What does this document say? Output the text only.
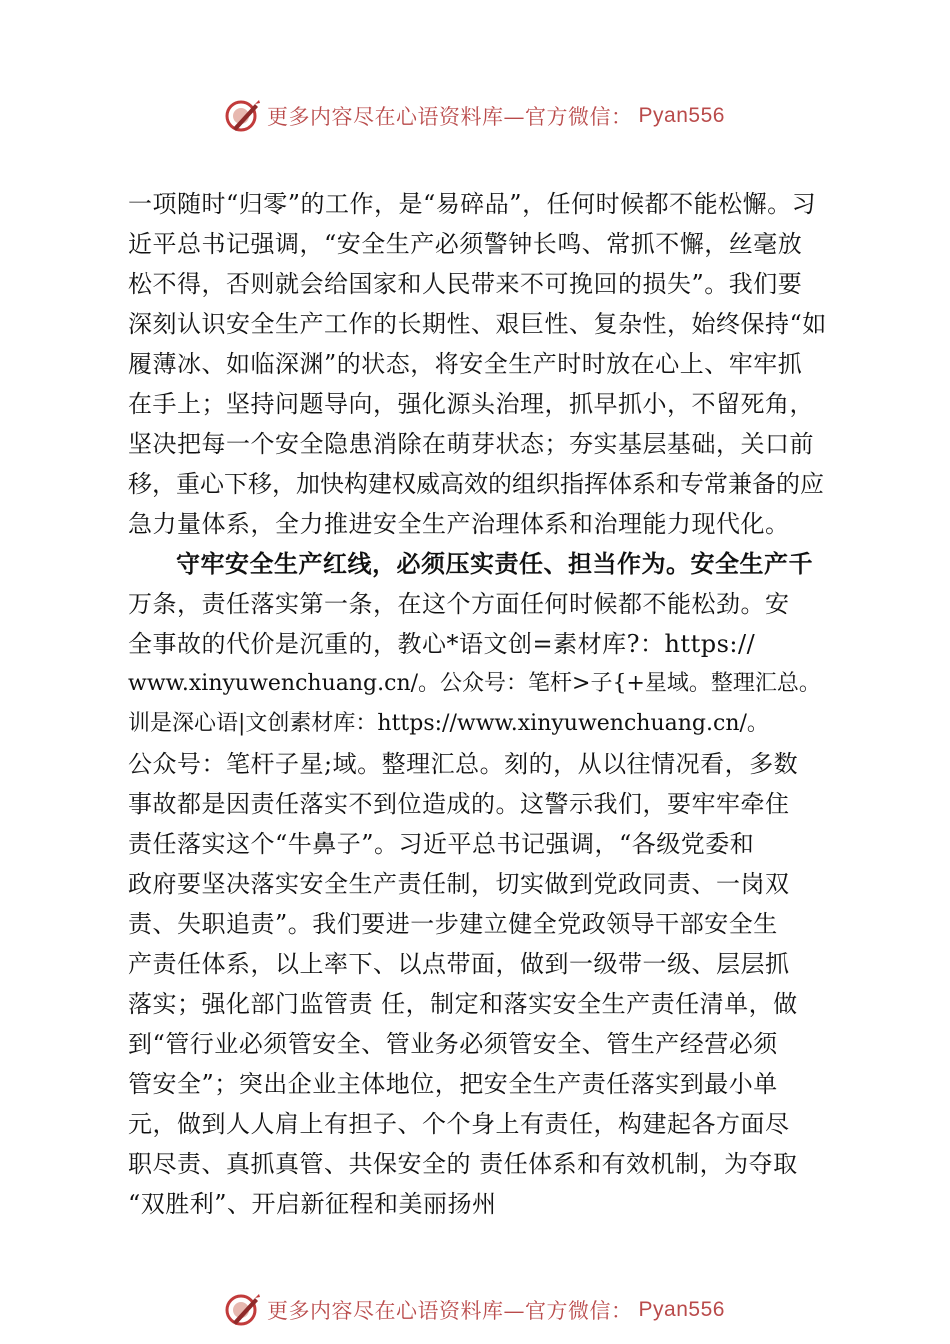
更多内容尽在心语资料库—官方微信： Pyan556
一项随时“归零”的工作，是“易碎品”，任何时候都不能松懈。习
近平总书记强调，“安全生产必须警钟长鸣、常抓不懈，丝毫放
松不得，否则就会给国家和人民带来不可挽回的损失”。我们要
深刻认识安全生产工作的长期性、艰巨性、复杂性，始终保持“如
履薄冰、如临深渊”的状态，将安全生产时时放在心上、牢牢抓
在手上；坚持问题导向，强化源头治理，抓早抓小，不留死角，
坚决把每一个安全隐患消除在萌芽状态；夯实基层基础，关口前
移，重心下移，加快构建权威高效的组织指挥体系和专常兼备的应
急力量体系，全力推进安全生产治理体系和治理能力现代化。
守牢安全生产红线，必须压实责任、担当作为。安全生产千
万条，责任落实第一条，在这个方面任何时候都不能松劲。安
全事故的代价是沉重的，教心*语文创=素材库?：https://
www.xinyuwenchuang.cn/。公众号：笔杆>子{+星域。整理汇总。
训是深心语|文创素材库：https://www.xinyuwenchuang.cn/。
公众号：笔杆子星;域。整理汇总。刻的，从以往情况看，多数
事故都是因责任落实不到位造成的。这警示我们，要牢牢牵住
责任落实这个“牛鼻子”。习近平总书记强调，“各级党委和
政府要坚决落实安全生产责任制，切实做到党政同责、一岗双
责、失职追责”。我们要进一步建立健全党政领导干部安全生
产责任体系，以上率下、以点带面，做到一级带一级、层层抓
落实；强化部门监管责 任，制定和落实安全生产责任清单，做
到“管行业必须管安全、管业务必须管安全、管生产经营必须
管安全”；突出企业主体地位，把安全生产责任落实到最小单
元，做到人人肩上有担子、个个身上有责任，构建起各方面尽
职尽责、真抓真管、共保安全的 责任体系和有效机制，为夺取
“双胜利”、开启新征程和美丽扬州
更多内容尽在心语资料库—官方微信： Pyan556
